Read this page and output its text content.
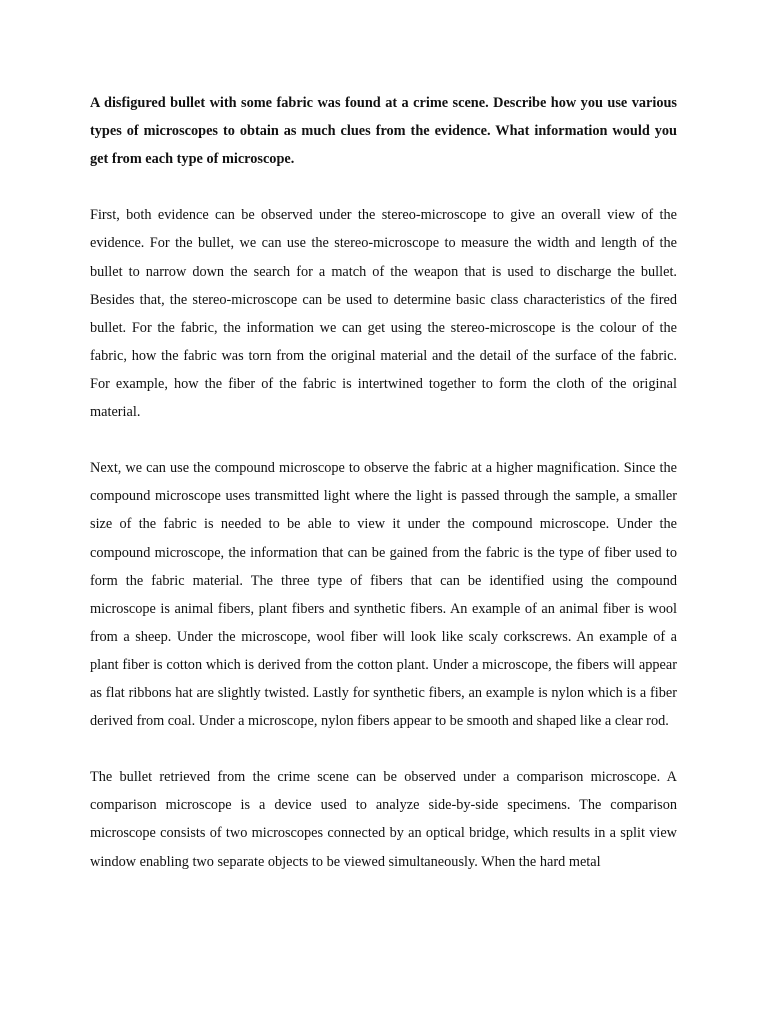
A disfigured bullet with some fabric was found at a crime scene. Describe how you use various types of microscopes to obtain as much clues from the evidence. What information would you get from each type of microscope.

First, both evidence can be observed under the stereo-microscope to give an overall view of the evidence. For the bullet, we can use the stereo-microscope to measure the width and length of the bullet to narrow down the search for a match of the weapon that is used to discharge the bullet. Besides that, the stereo-microscope can be used to determine basic class characteristics of the fired bullet. For the fabric, the information we can get using the stereo-microscope is the colour of the fabric, how the fabric was torn from the original material and the detail of the surface of the fabric. For example, how the fiber of the fabric is intertwined together to form the cloth of the original material.

Next, we can use the compound microscope to observe the fabric at a higher magnification. Since the compound microscope uses transmitted light where the light is passed through the sample, a smaller size of the fabric is needed to be able to view it under the compound microscope. Under the compound microscope, the information that can be gained from the fabric is the type of fiber used to form the fabric material. The three type of fibers that can be identified using the compound microscope is animal fibers, plant fibers and synthetic fibers. An example of an animal fiber is wool from a sheep. Under the microscope, wool fiber will look like scaly corkscrews. An example of a plant fiber is cotton which is derived from the cotton plant. Under a microscope, the fibers will appear as flat ribbons hat are slightly twisted. Lastly for synthetic fibers, an example is nylon which is a fiber derived from coal. Under a microscope, nylon fibers appear to be smooth and shaped like a clear rod.

The bullet retrieved from the crime scene can be observed under a comparison microscope. A comparison microscope is a device used to analyze side-by-side specimens. The comparison microscope consists of two microscopes connected by an optical bridge, which results in a split view window enabling two separate objects to be viewed simultaneously. When the hard metal
